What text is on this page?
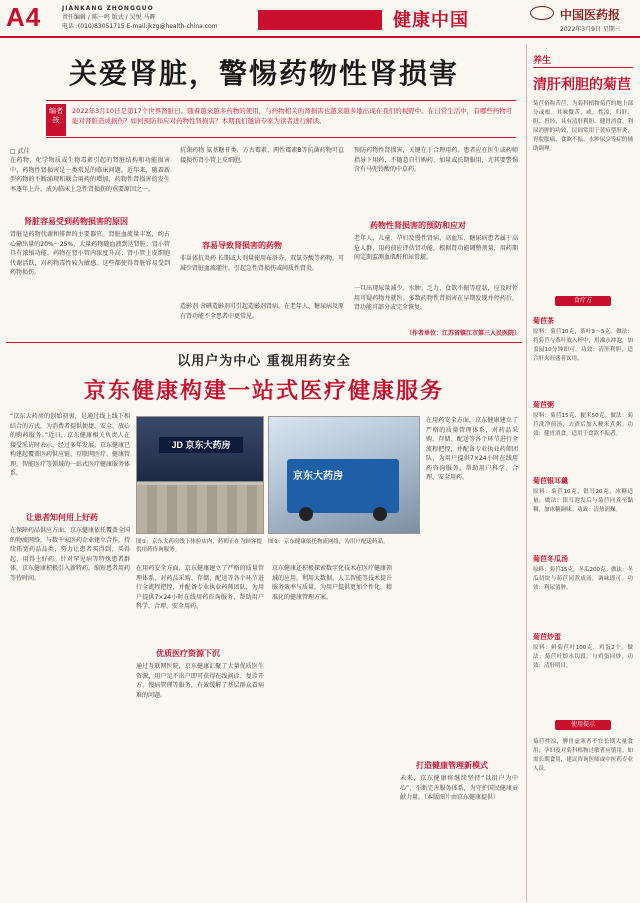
A4	JIANKANG ZHONGGUO
责任编辑 / 陈一鸣 版式 / 吴悦 马晖
电话 :(010)83051715 E-mail:jkzg@health-china.com	健康中国	中国医药报
2022年3月9日 星期三
关爱肾脏，警惕药物性肾损害
编者按
2022年3月10日是第17个世界肾脏日。随着越来越多药物的使用，与药物相关的肾损害也越来越多地出现在我们的视野中。在日常生活中，有哪些药物可能对肾脏造成损伤？如何预防和应对药物性肾损害？本期我们邀请专家为读者进行解读。
□ 武佳
在药物、化学物质或生物毒素引起的肾脏结构和功能损害中，药物性肾损害是一类常见的临床问题。近年来，随着新型药物的不断涌现和联合用药的增加，药物性肾损害的发生率逐年上升，成为临床上急性肾损伤的重要原因之一。
肾脏容易受到药物损害的原因
肾脏是药物代谢和排泄的主要器官。肾脏血流量丰富，约占心输出量的20%～25%，大量药物随血液到达肾脏；肾小管具有浓缩功能，药物在肾小管内浓度升高；肾小管上皮细胞代谢活跃，对药物毒性较为敏感。这些都使得肾脏容易受到药物损伤。
抗菌药物 氨基糖苷类、万古霉素、两性霉素B等抗菌药物可直接损伤肾小管上皮细胞。
容易导致肾损害的药物
非甾体抗炎药 长期或大剂量使用布洛芬、双氯芬酸等药物，可减少肾脏血流灌注，引起急性肾损伤或间质性肾炎。
造影剂 含碘造影剂可引起造影剂肾病，在老年人、糖尿病及原有肾功能不全患者中更常见。
预防药物性肾损害，关键在于合理用药。患者应在医生或药师指导下用药，不随意自行购药、加量或长期服用，尤其要警惕含有马兜铃酸的中草药。
药物性肾损害的预防和应对
老年人、儿童、孕妇及慢性肾病、高血压、糖尿病患者属于高危人群，用药前应评估肾功能，根据肾功能调整剂量，用药期间定期监测血肌酐和尿常规。
一旦出现尿量减少、水肿、乏力、食欲不振等症状，应及时停用可疑药物并就医。多数药物性肾损害在早期发现并停药后，肾功能可部分或完全恢复。
（作者单位：江苏省镇江市第三人民医院）
以用户为中心 重视用药安全
京东健康构建一站式医疗健康服务
“京东大药房的创始初衷，是通过线上线下相结合的方式，为消费者提供便捷、安全、放心的购药服务。”近日，京东健康相关负责人在接受采访时表示，经过多年发展，京东健康已构建起覆盖医药供应链、互联网医疗、健康管理、智能医疗等领域的一站式医疗健康服务体系。
让患者知何用上好药
在保障药品供应方面，京东健康依托覆盖全国的物流网络，与数千家医药企业建立合作，持续拓宽药品品类，努力让患者买得到、买得起、用得上好药。针对罕见病等特殊患者群体，京东健康积极引入新特药，缩短患者用药等待时间。
JD 京东大药房
京东大药房
图①：京东大药房线下体验店内，药师正在为顾客提供用药咨询服务。
图②：京东健康依托物流网络，为用户配送药品。
在用药安全方面，京东健康建立了严格的质量管理体系，对药品采购、存储、配送等各个环节进行全流程把控，并配备专业执业药师团队，为用户提供7×24小时在线用药咨询服务，帮助用户科学、合理、安全用药。
优质医疗资源下沉
通过互联网医院，京东健康汇聚了大量优质医生资源，用户足不出户即可获得在线问诊、复诊开方、慢病管理等服务，有效缓解了基层群众看病难的问题。
京东健康还积极探索数字化技术在医疗健康领域的应用，利用大数据、人工智能等技术提升服务效率与质量，为用户提供更加个性化、精准化的健康管理方案。
打造健康管理新模式
未来，京东健康将继续坚持“以用户为中心”，不断完善服务体系，为守护国民健康贡献力量。（本版图片由京东健康提供）
在用药安全方面，京东健康建立了严格的质量管理体系，对药品采购、存储、配送等各个环节进行全流程把控，并配备专业执业药师团队，为用户提供7×24小时在线用药咨询服务，帮助用户科学、合理、安全用药。
养生
清肝利胆的菊苣
菊苣俗称苦苣，为菊科植物菊苣的地上部分或根。其味微苦、咸，性凉，归肝、胆、胃经，具有清肝利胆、健胃消食、利尿消肿的功效，民间常用于黄疸型肝炎、胃脘胀痛、食欲不振、水肿尿少等症的辅助调理。
食疗方
菊苣茶
原料：菊苣10克，茶叶3～5克。做法：将菊苣与茶叶放入杯中，用沸水冲泡，加盖闷10分钟即可。功效：清肝利胆，适合肝火旺盛者饮用。
菊苣粥
原料：菊苣15克，粳米50克。做法：菊苣洗净煎汤，去渣后加入粳米煮粥。功效：健胃消食，适用于食欲不振者。
菊苣银耳羹
原料：菊苣10克，银耳20克，冰糖适量。做法：银耳泡发后与菊苣同煮至黏稠，加冰糖调味。功效：清热润燥。
菊苣冬瓜汤
原料：菊苣15克，冬瓜200克。做法：冬瓜切块与菊苣同煮成汤，调味即可。功效：利尿消肿。
菊苣炒蛋
原料：鲜菊苣叶100克，鸡蛋2个。做法：菊苣叶焯水切段，与鸡蛋同炒。功效：清肝明目。
使用提示
菊苣性凉，脾胃虚寒者不宜长期大量食用；孕妇及对菊科植物过敏者应慎用。如需长期食用，建议咨询医师或中医药专业人员。
